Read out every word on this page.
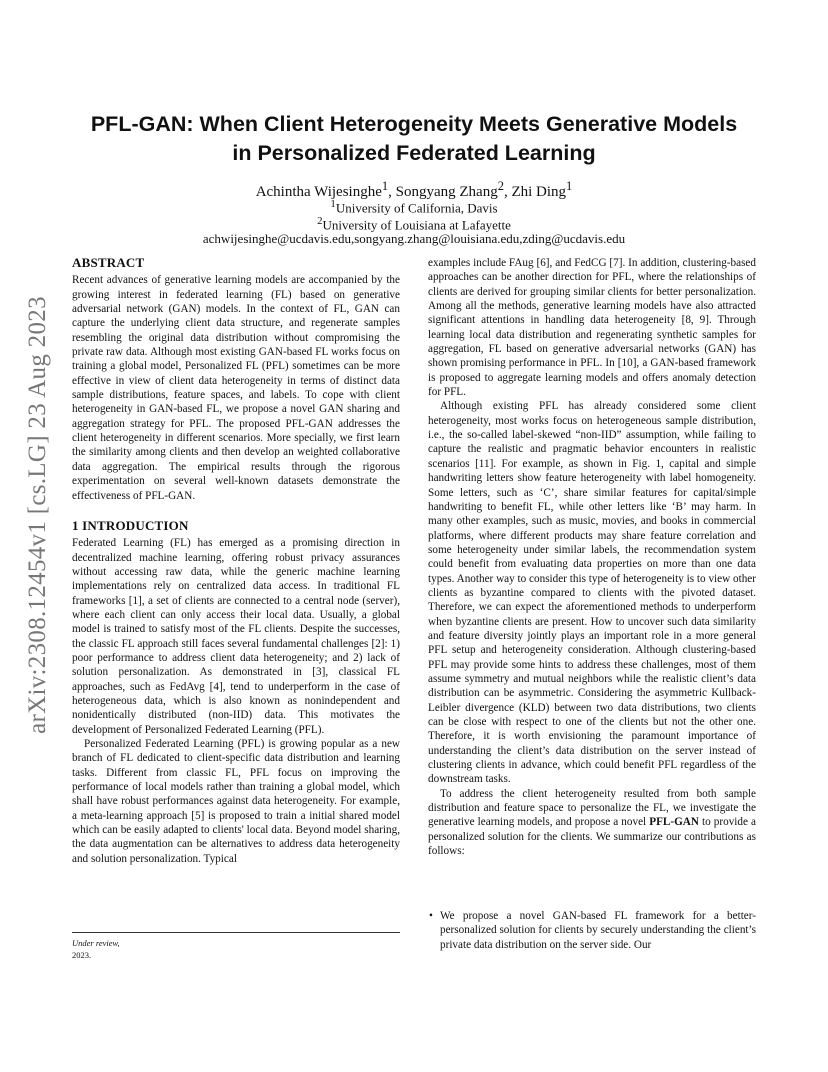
arXiv:2308.12454v1 [cs.LG] 23 Aug 2023
PFL-GAN: When Client Heterogeneity Meets Generative Models
in Personalized Federated Learning
Achintha Wijesinghe$^1$, Songyang Zhang$^2$, Zhi Ding$^1$
$^1$University of California, Davis
$^2$University of Louisiana at Lafayette
achwijesinghe@ucdavis.edu,songyang.zhang@louisiana.edu,zding@ucdavis.edu
ABSTRACT

Recent advances of generative learning models are accompanied by the growing interest in federated learning (FL) based on generative adversarial network (GAN) models. In the context of FL, GAN can capture the underlying client data structure, and regenerate samples resembling the original data distribution without compromising the private raw data. Although most existing GAN-based FL works focus on training a global model, Personalized FL (PFL) sometimes can be more effective in view of client data heterogeneity in terms of distinct data sample distributions, feature spaces, and labels. To cope with client heterogeneity in GAN-based FL, we propose a novel GAN sharing and aggregation strategy for PFL. The proposed PFL-GAN addresses the client heterogeneity in different scenarios. More specially, we first learn the similarity among clients and then develop an weighted collaborative data aggregation. The empirical results through the rigorous experimentation on several well-known datasets demonstrate the effectiveness of PFL-GAN.

1 INTRODUCTION

Federated Learning (FL) has emerged as a promising direction in decentralized machine learning, offering robust privacy assurances without accessing raw data, while the generic machine learning implementations rely on centralized data access. In traditional FL frameworks [1], a set of clients are connected to a central node (server), where each client can only access their local data. Usually, a global model is trained to satisfy most of the FL clients. Despite the successes, the classic FL approach still faces several fundamental challenges [2]: 1) poor performance to address client data heterogeneity; and 2) lack of solution personalization. As demonstrated in [3], classical FL approaches, such as FedAvg [4], tend to underperform in the case of heterogeneous data, which is also known as nonindependent and nonidentically distributed (non-IID) data. This motivates the development of Personalized Federated Learning (PFL).

Personalized Federated Learning (PFL) is growing popular as a new branch of FL dedicated to client-specific data distribution and learning tasks. Different from classic FL, PFL focus on improving the performance of local models rather than training a global model, which shall have robust performances against data heterogeneity. For example, a meta-learning approach [5] is proposed to train a initial shared model which can be easily adapted to clients' local data. Beyond model sharing, the data augmentation can be alternatives to address data heterogeneity and solution personalization. Typical

examples include FAug [6], and FedCG [7]. In addition, clustering-based approaches can be another direction for PFL, where the relationships of clients are derived for grouping similar clients for better personalization. Among all the methods, generative learning models have also attracted significant attentions in handling data heterogeneity [8, 9]. Through learning local data distribution and regenerating synthetic samples for aggregation, FL based on generative adversarial networks (GAN) has shown promising performance in PFL. In [10], a GAN-based framework is proposed to aggregate learning models and offers anomaly detection for PFL.

Although existing PFL has already considered some client heterogeneity, most works focus on heterogeneous sample distribution, i.e., the so-called label-skewed “non-IID” assumption, while failing to capture the realistic and pragmatic behavior encounters in realistic scenarios [11]. For example, as shown in Fig. 1, capital and simple handwriting letters show feature heterogeneity with label homogeneity. Some letters, such as ‘C’, share similar features for capital/simple handwriting to benefit FL, while other letters like ‘B’ may harm. In many other examples, such as music, movies, and books in commercial platforms, where different products may share feature correlation and some heterogeneity under similar labels, the recommendation system could benefit from evaluating data properties on more than one data types. Another way to consider this type of heterogeneity is to view other clients as byzantine compared to clients with the pivoted dataset. Therefore, we can expect the aforementioned methods to underperform when byzantine clients are present. How to uncover such data similarity and feature diversity jointly plays an important role in a more general PFL setup and heterogeneity consideration. Although clustering-based PFL may provide some hints to address these challenges, most of them assume symmetry and mutual neighbors while the realistic client’s data distribution can be asymmetric. Considering the asymmetric Kullback-Leibler divergence (KLD) between two data distributions, two clients can be close with respect to one of the clients but not the other one. Therefore, it is worth envisioning the paramount importance of understanding the client’s data distribution on the server instead of clustering clients in advance, which could benefit PFL regardless of the downstream tasks.

To address the client heterogeneity resulted from both sample distribution and feature space to personalize the FL, we investigate the generative learning models, and propose a novel PFL-GAN to provide a personalized solution for the clients. We summarize our contributions as follows:

• We propose a novel GAN-based FL framework for a better-personalized solution for clients by securely understanding the client’s private data distribution on the server side. Our
Under review,
2023.
